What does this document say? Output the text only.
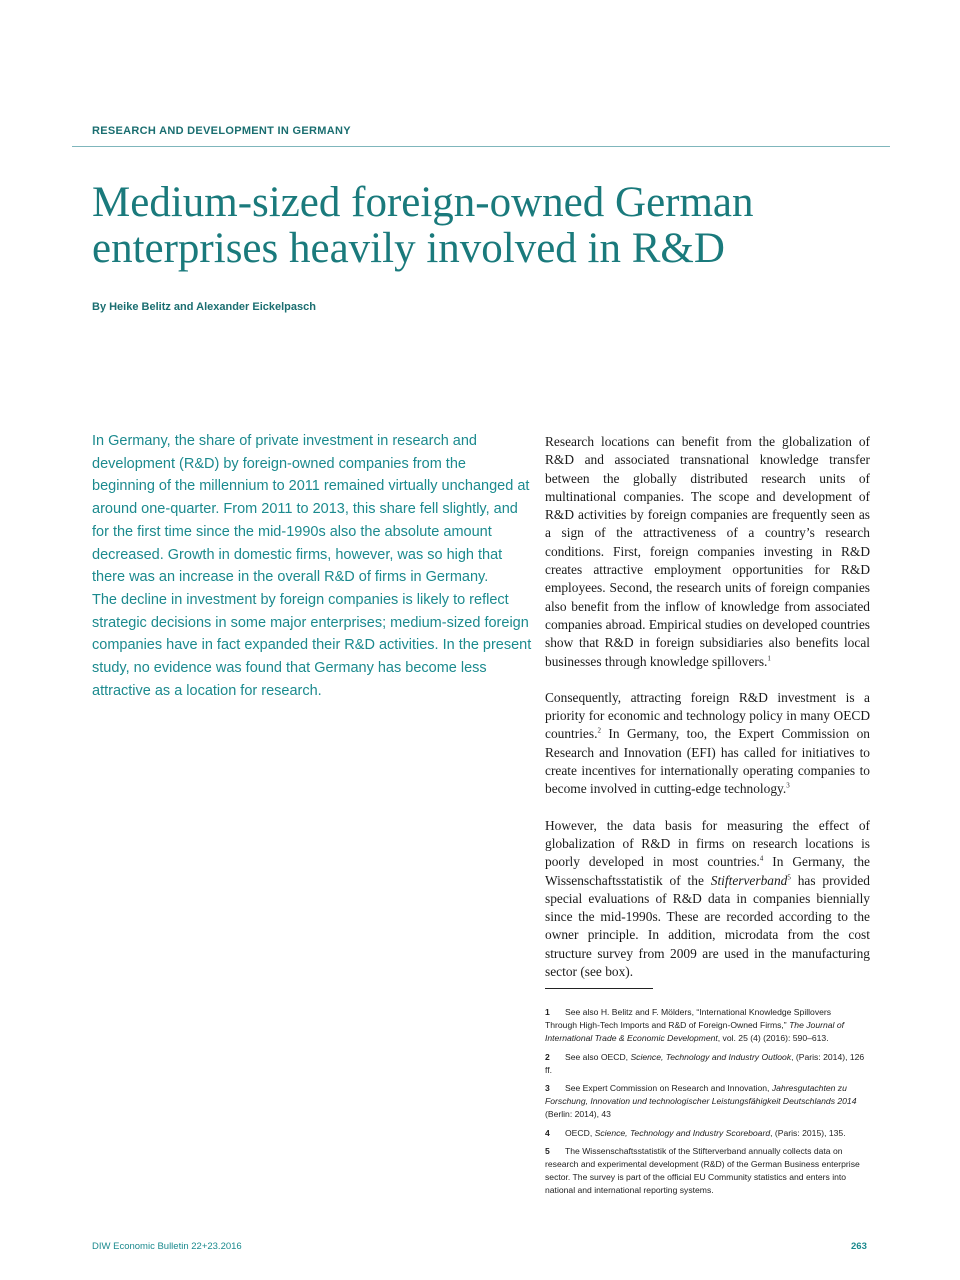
RESEARCH AND DEVELOPMENT IN GERMANY

Medium-sized foreign-owned German
enterprises heavily involved in R&D

By Heike Belitz and Alexander Eickelpasch

In Germany, the share of private investment in research and development (R&D) by foreign-owned companies from the beginning of the millennium to 2011 remained virtually unchanged at around one-quarter. From 2011 to 2013, this share fell slightly, and for the first time since the mid-1990s also the absolute amount decreased. Growth in domestic firms, however, was so high that there was an increase in the overall R&D of firms in Germany.

The decline in investment by foreign companies is likely to reflect strategic decisions in some major enterprises; medium-sized foreign companies have in fact expanded their R&D activities. In the present study, no evidence was found that Germany has become less attractive as a location for research.

Research locations can benefit from the globalization of R&D and associated transnational knowledge transfer between the globally distributed research units of multinational companies. The scope and development of R&D activities by foreign companies are frequently seen as a sign of the attractiveness of a country’s research conditions. First, foreign companies investing in R&D creates attractive employment opportunities for R&D employees. Second, the research units of foreign companies also benefit from the inflow of knowledge from associated companies abroad. Empirical studies on developed countries show that R&D in foreign subsidiaries also benefits local businesses through knowledge spillovers.$^1$

Consequently, attracting foreign R&D investment is a priority for economic and technology policy in many OECD countries.$^2$ In Germany, too, the Expert Commission on Research and Innovation (EFI) has called for initiatives to create incentives for internationally operating companies to become involved in cutting-edge technology.$^3$

However, the data basis for measuring the effect of globalization of R&D in firms on research locations is poorly developed in most countries.$^4$ In Germany, the Wissenschaftsstatistik of the Stifterverband$^5$ has provided special evaluations of R&D data in companies biennially since the mid-1990s. These are recorded according to the owner principle. In addition, microdata from the cost structure survey from 2009 are used in the manufacturing sector (see box).

1 See also H. Belitz and F. Mölders, “International Knowledge Spillovers Through High-Tech Imports and R&D of Foreign-Owned Firms,” The Journal of International Trade & Economic Development, vol. 25 (4) (2016): 590–613.

2 See also OECD, Science, Technology and Industry Outlook, (Paris: 2014), 126 ff.

3 See Expert Commission on Research and Innovation, Jahresgutachten zu Forschung, Innovation und technologischer Leistungsfähigkeit Deutschlands 2014 (Berlin: 2014), 43

4 OECD, Science, Technology and Industry Scoreboard, (Paris: 2015), 135.

5 The Wissenschaftsstatistik of the Stifterverband annually collects data on research and experimental development (R&D) of the German Business enterprise sector. The survey is part of the official EU Community statistics and enters into national and international reporting systems.

DIW Economic Bulletin 22+23.2016	263
